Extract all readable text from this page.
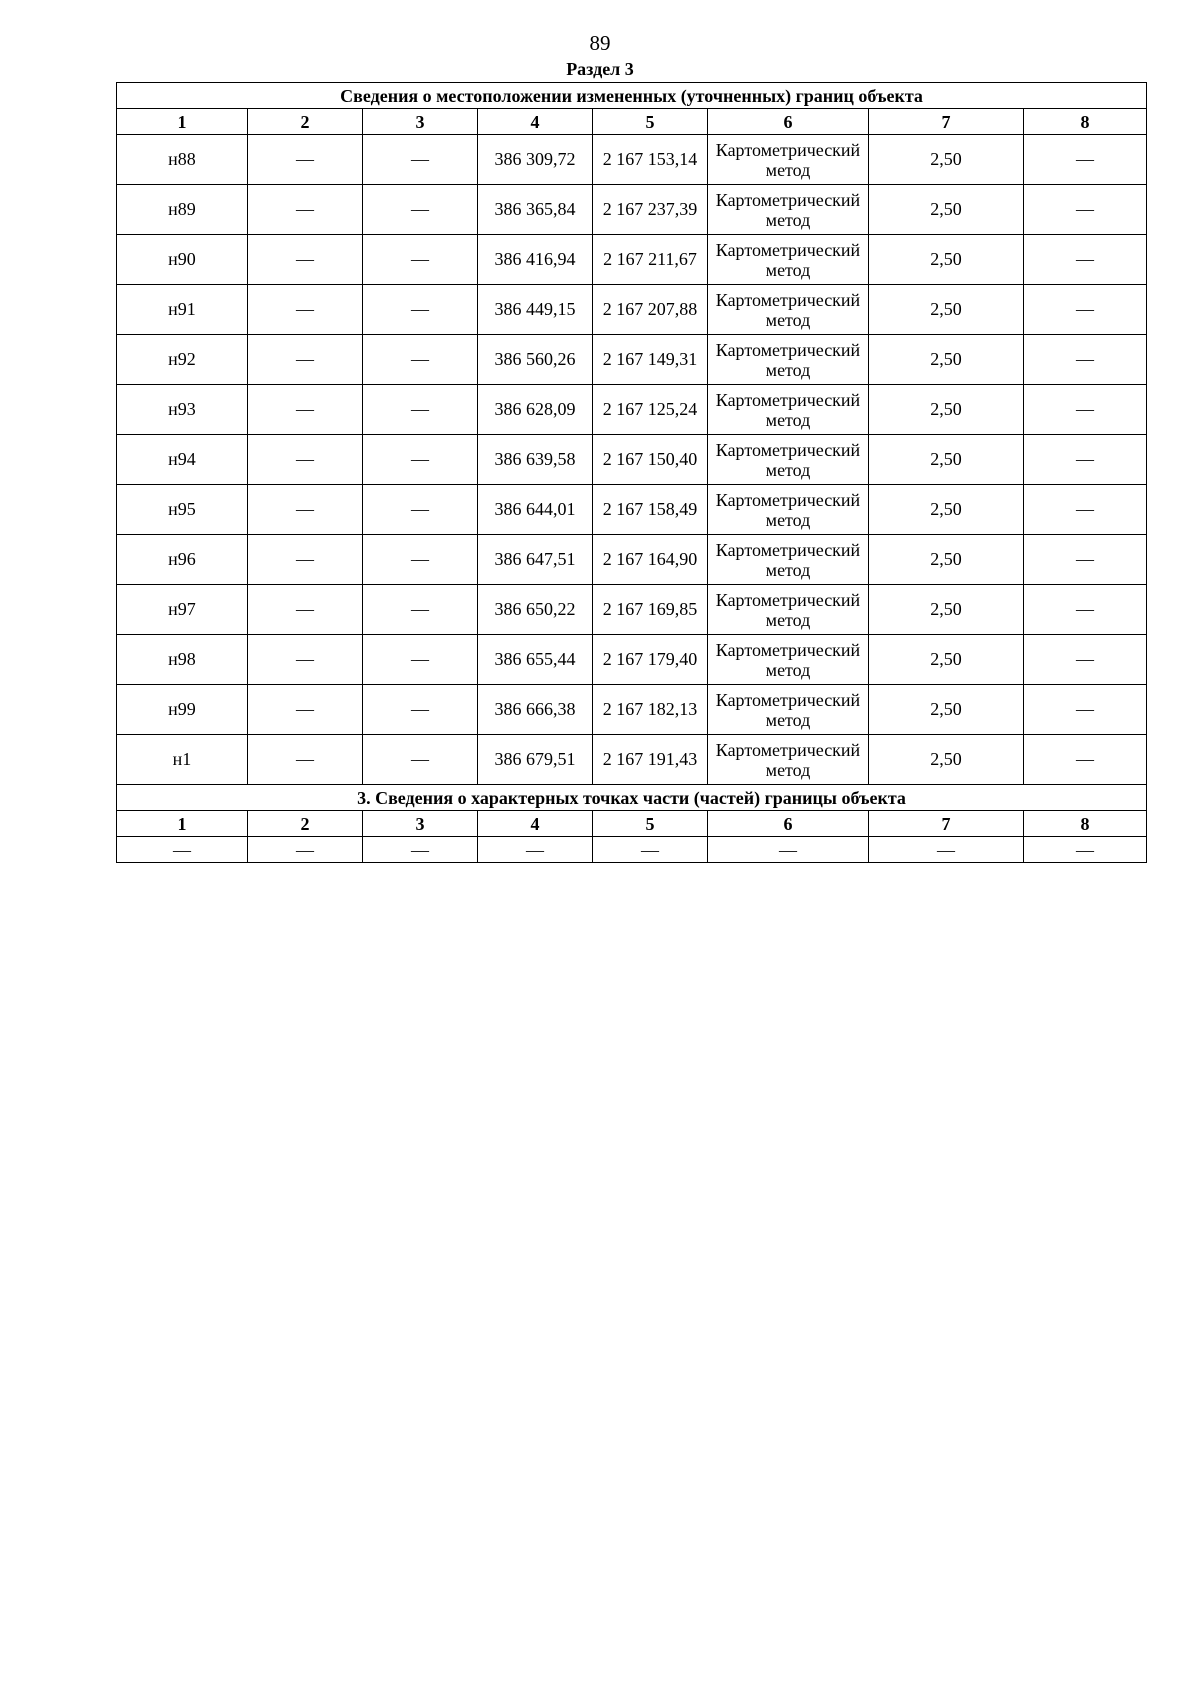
89
Раздел 3
Сведения о местоположении измененных (уточненных) границ объекта							
1	2	3	4	5	6	7	8
н88	—	—	386 309,72	2 167 153,14	Картометрический метод	2,50	—
н89	—	—	386 365,84	2 167 237,39	Картометрический метод	2,50	—
н90	—	—	386 416,94	2 167 211,67	Картометрический метод	2,50	—
н91	—	—	386 449,15	2 167 207,88	Картометрический метод	2,50	—
н92	—	—	386 560,26	2 167 149,31	Картометрический метод	2,50	—
н93	—	—	386 628,09	2 167 125,24	Картометрический метод	2,50	—
н94	—	—	386 639,58	2 167 150,40	Картометрический метод	2,50	—
н95	—	—	386 644,01	2 167 158,49	Картометрический метод	2,50	—
н96	—	—	386 647,51	2 167 164,90	Картометрический метод	2,50	—
н97	—	—	386 650,22	2 167 169,85	Картометрический метод	2,50	—
н98	—	—	386 655,44	2 167 179,40	Картометрический метод	2,50	—
н99	—	—	386 666,38	2 167 182,13	Картометрический метод	2,50	—
н1	—	—	386 679,51	2 167 191,43	Картометрический метод	2,50	—
3. Сведения о характерных точках части (частей) границы объекта							
1	2	3	4	5	6	7	8
—	—	—	—	—	—	—	—
